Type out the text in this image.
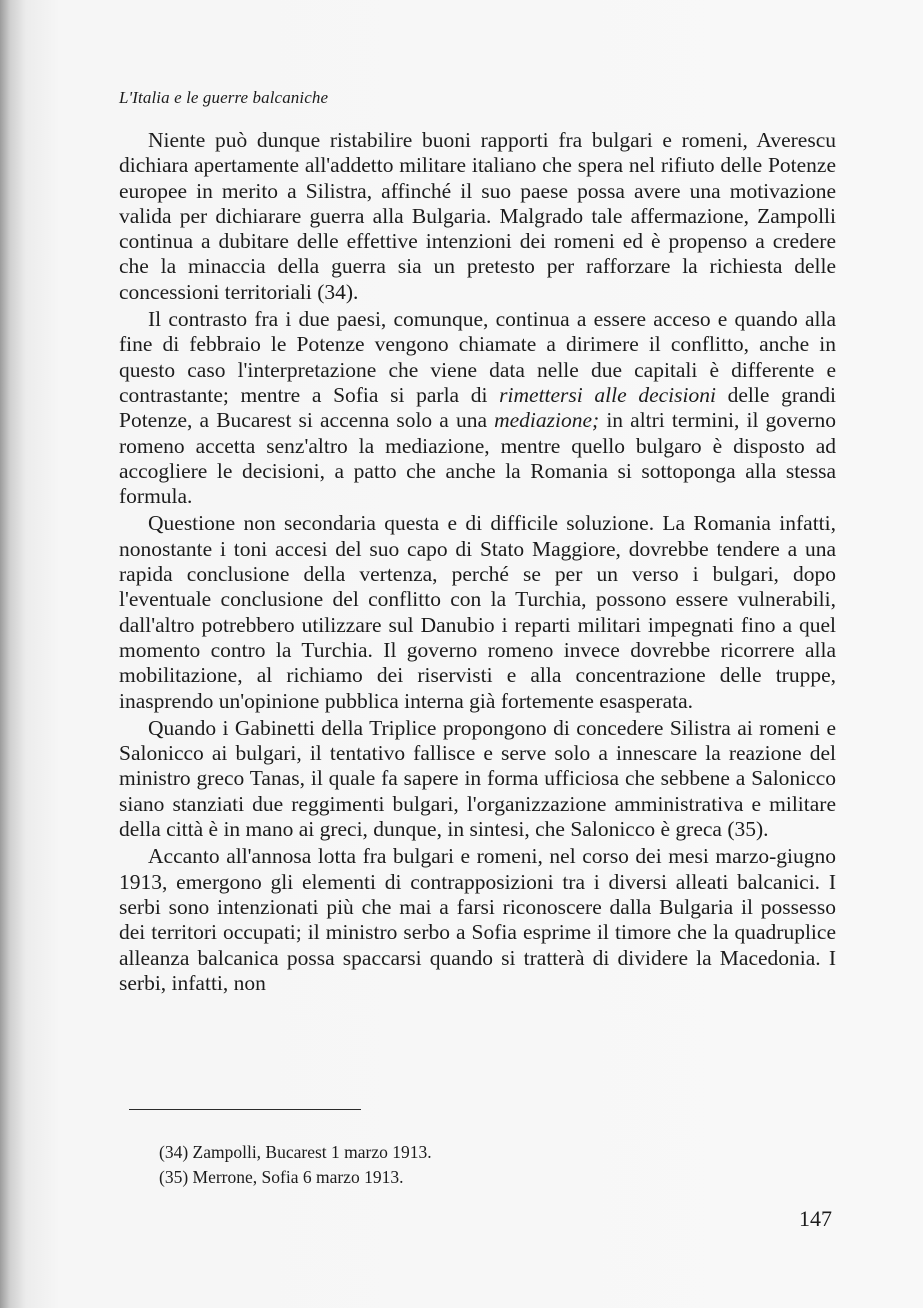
L'Italia e le guerre balcaniche

Niente può dunque ristabilire buoni rapporti fra bulgari e romeni, Averescu dichiara apertamente all'addetto militare italiano che spera nel rifiuto delle Potenze europee in merito a Silistra, affinché il suo paese possa avere una motivazione valida per dichiarare guerra alla Bulgaria. Malgrado tale affermazione, Zampolli continua a dubitare delle effettive intenzioni dei romeni ed è propenso a credere che la minaccia della guerra sia un pretesto per rafforzare la richiesta delle concessioni territoriali (34).

Il contrasto fra i due paesi, comunque, continua a essere acceso e quando alla fine di febbraio le Potenze vengono chiamate a dirimere il conflitto, anche in questo caso l'interpretazione che viene data nelle due capitali è differente e contrastante; mentre a Sofia si parla di rimettersi alle decisioni delle grandi Potenze, a Bucarest si accenna solo a una mediazione; in altri termini, il governo romeno accetta senz'altro la mediazione, mentre quello bulgaro è disposto ad accogliere le decisioni, a patto che anche la Romania si sottoponga alla stessa formula.

Questione non secondaria questa e di difficile soluzione. La Romania infatti, nonostante i toni accesi del suo capo di Stato Maggiore, dovrebbe tendere a una rapida conclusione della vertenza, perché se per un verso i bulgari, dopo l'eventuale conclusione del conflitto con la Turchia, possono essere vulnerabili, dall'altro potrebbero utilizzare sul Danubio i reparti militari impegnati fino a quel momento contro la Turchia. Il governo romeno invece dovrebbe ricorrere alla mobilitazione, al richiamo dei riservisti e alla concentrazione delle truppe, inasprendo un'opinione pubblica interna già fortemente esasperata.

Quando i Gabinetti della Triplice propongono di concedere Silistra ai romeni e Salonicco ai bulgari, il tentativo fallisce e serve solo a innescare la reazione del ministro greco Tanas, il quale fa sapere in forma ufficiosa che sebbene a Salonicco siano stanziati due reggimenti bulgari, l'organizzazione amministrativa e militare della città è in mano ai greci, dunque, in sintesi, che Salonicco è greca (35).

Accanto all'annosa lotta fra bulgari e romeni, nel corso dei mesi marzo-giugno 1913, emergono gli elementi di contrapposizioni tra i diversi alleati balcanici. I serbi sono intenzionati più che mai a farsi riconoscere dalla Bulgaria il possesso dei territori occupati; il ministro serbo a Sofia esprime il timore che la quadruplice alleanza balcanica possa spaccarsi quando si tratterà di dividere la Macedonia. I serbi, infatti, non

(34) Zampolli, Bucarest 1 marzo 1913.
(35) Merrone, Sofia 6 marzo 1913.
147
